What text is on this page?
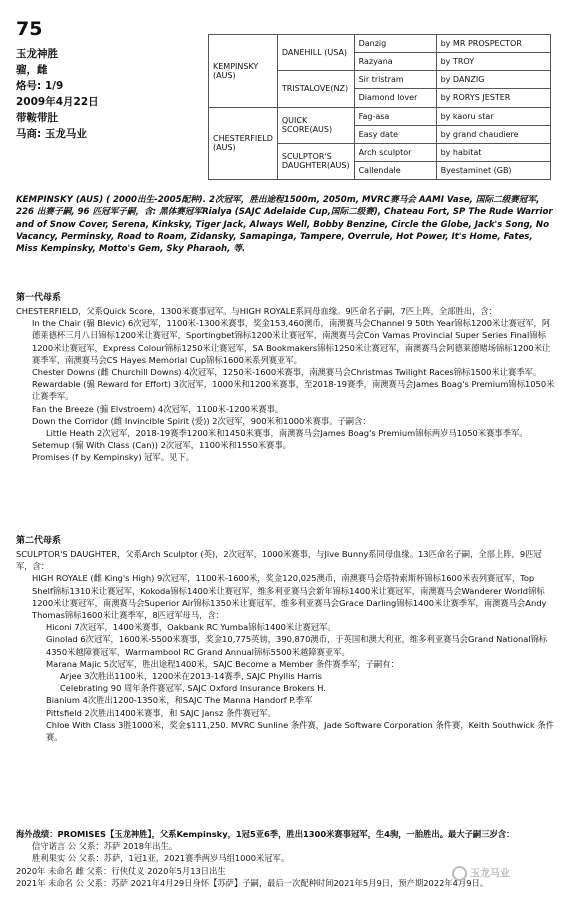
75
玉龙神胜
骝，雌
烙号: 1/9
2009年4月22日
带鞍带肚
马商: 玉龙马业
KEMPINSKY (AUS)	DANEHILL (USA)	Danzig	by MR PROSPECTOR
		Razyana	by TROY
	TRISTALOVE(NZ)	Sir tristram	by DANZIG
		Diamond lover	by RORYS JESTER
CHESTERFIELD (AUS)	QUICK SCORE(AUS)	Fag-asa	by kaoru star
		Easy date	by grand chaudiere
	SCULPTOR'S DAUGHTER(AUS)	Arch sculptor	by habitat
		Callendale	Byestaminet (GB)

KEMPINSKY (AUS) ( 2000出生-2005配种). 2次冠军，胜出途程1500m, 2050m, MVRC赛马会 AAMI Vase, 国际二级赛冠军, 226 出赛子嗣, 96 匹冠军子嗣，含: 黑体赛冠军Rialya (SAJC Adelaide Cup,国际二级赛), Chateau Fort, SP The Rude Warrior and of Snow Cover, Serena, Kinksky, Tiger Jack, Always Well, Bobby Benzine, Circle the Globe, Jack's Song, No Vacancy, Perminsky, Road to Roam, Zidansky, Samapinga, Tampere, Overrule, Hot Power, It's Home, Fates, Miss Kempinsky, Motto's Gem, Sky Pharaoh, 等.

第一代母系

CHESTERFIELD，父系Quick Score，1300米赛事冠军。与HIGH ROYALE系同母血缘。9匹命名子嗣，7匹上阵，全部胜出，含：

In the Chair (骟 Blevic) 6次冠军，1100米-1300米赛事，奖金153,460澳币，南澳赛马会Channel 9 50th Year锦标1200米让赛冠军，阿德莱德杯三月八日锦标1200米让赛冠军，Sportingbet锦标1200米让赛冠军，南澳赛马会Con Vamas Provincial Super Series Final锦标1200米让赛冠军，Express Colour锦标1250米让赛冠军，SA Bookmakers锦标1250米让赛冠军，南澳赛马会阿德莱德赌场锦标1200米让赛季军，南澳赛马会CS Hayes Memorial Cup锦标1600米系列赛亚军。

Chester Downs (雌 Churchill Downs) 4次冠军，1250米-1600米赛事，南澳赛马会Christmas Twilight Races锦标1500米让赛季军。

Rewardable (骟 Reward for Effort) 3次冠军，1000米和1200米赛事，至2018-19赛季，南澳赛马会James Boag's Premium锦标1050米让赛季军。

Fan the Breeze (骟 Elvstroem) 4次冠军，1100米-1200米赛事。

Down the Corridor (雌 Invincible Spirit (爱)) 2次冠军，900米和1000米赛事。子嗣含：

Little Heath 2次冠军，2018-19赛季1200米和1450米赛事，南澳赛马会James Boag's Premium锦标两岁马1050米赛事季军。

Setemup (骟 With Class (Can)) 2次冠军，1100米和1550米赛事。

Promises (f by Kempinsky) 冠军。见下。

第二代母系

SCULPTOR'S DAUGHTER，父系Arch Sculptor (英)，2次冠军，1000米赛事，与Jive Bunny系同母血缘。13匹命名子嗣，全部上阵，9匹冠军，含：

HIGH ROYALE (雌 King's High) 9次冠军，1100米-1600米，奖金120,025澳币，南澳赛马会塔特索斯杯锦标1600米表列赛冠军，Top Shelf锦标1310米让赛冠军，Kokoda锦标1400米让赛冠军，维多利亚赛马会新年锦标1400米让赛冠军，南澳赛马会Wanderer World锦标1200米让赛冠军，南澳赛马会Superior Air锦标1350米让赛冠军，维多利亚赛马会Grace Darling锦标1400米让赛季军，南澳赛马会Andy Thomas锦标1600米让赛季军，8匹冠军母马，含：

Hiconi 7次冠军，1400米赛事，Oakbank RC Yumba锦标1400米让赛冠军。

Ginolad 6次冠军，1600米-5500米赛事，奖金10,775英镑，390,870澳币，于英国和澳大利亚，维多利亚赛马会Grand National锦标4350米越障赛冠军，Warrnambool RC Grand Annual锦标5500米越障赛亚军。

Marana Majic 5次冠军，胜出途程1400米，SAJC Become a Member 条件赛季军，子嗣有：

Arjee 3次胜出1100米，1200米在2013-14赛季, SAJC Phyllis Harris

Celebrating 90 周年条件赛冠军, SAJC Oxford Insurance Brokers H.

Bianium 4次胜出1200-1350米，和SAJC The Manna Handorf P.季军

Pittsfield 2次胜出1400米赛事，和 SAJC Jansz 条件赛冠军。

Chloe With Class 3胜1000米，奖金$111,250. MVRC Sunline 条件赛，Jade Software Corporation 条件赛，Keith Southwick 条件赛。

海外战绩：PROMISES【玉龙神胜】，父系Kempinsky，1冠5亚6季，胜出1300米赛事冠军，生4驹，一胎胜出。最大子嗣三岁含：

信守诺言 公 父系：苏萨 2018年出生。

胜利果实 公 父系：苏萨，1冠1亚，2021赛季两岁马组1000米冠军。

2020年 未命名 雌 父系：行侠仗义 2020年5月13日出生

2021年 未命名 公 父系：苏萨 2021年4月29日身怀【苏萨】子嗣，最后一次配种时间2021年5月9日，预产期2022年4月9日。

玉龙马业
